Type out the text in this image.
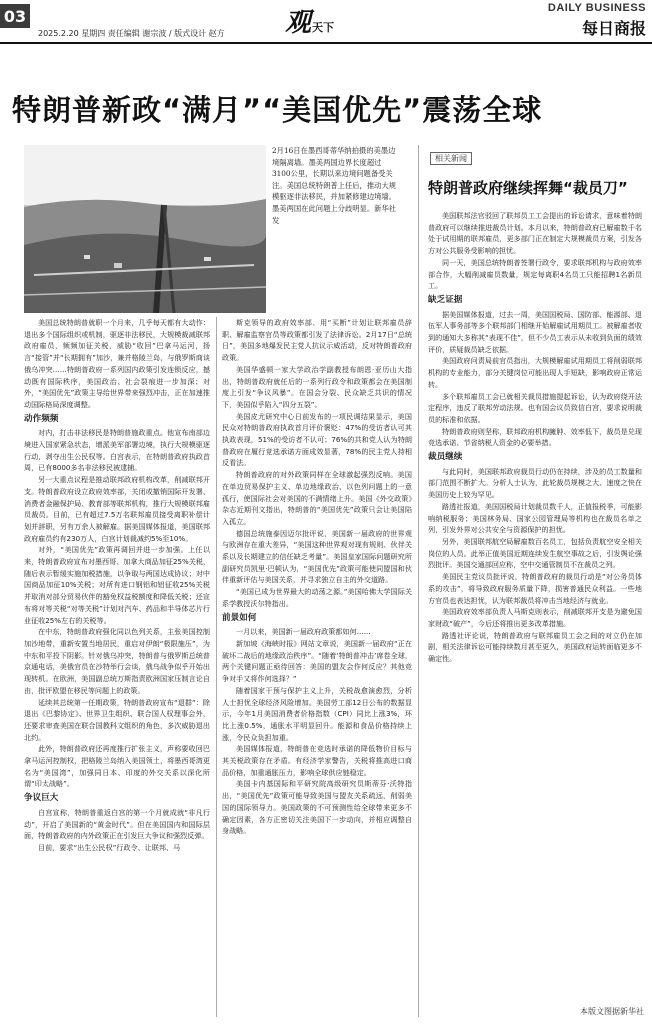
03
2025.2.20 星期四 责任编辑 谢宗波 / 版式设计 赵方 观天下
DAILY BUSINESS
每日商报
特朗普新政“满月”“美国优先”震荡全球
2月16日在墨西哥蒂华纳拍摄的美墨边境隔离墙。墨美两国边界长度超过3100公里，长期以来边境问题备受关注。美国总统特朗普上任后，推动大规模驱逐非法移民，并加紧修建边境墙。墨美两国在此问题上分歧明显。新华社发

美国总统特朗普就职一个月来，几乎每天都有大动作：退出多个国际组织或机制，驱逐非法移民，大规模裁减联邦政府雇员，频频加征关税，威胁“收回”巴拿马运河，扬言“接管”并“长期拥有”加沙，兼并格陵兰岛，与俄罗斯商谈俄乌冲突……特朗普政府一系列国内政策引发连锁反应，撼动既有国际秩序，美国政治、社会裂痕进一步加深；对外，“美国优先”政策主导给世界带来强烈冲击，正在加速推动国际格局深度调整。

动作频频

对内，打击非法移民是特朗普施政重点。他宣布南部边境进入国家紧急状态，增派美军部署边境，执行大规模驱逐行动，剥夺出生公民权等。白宫表示，在特朗普政府执政首周，已有8000多名非法移民被逮捕。

另一大重点议程是推动联邦政府机构改革，削减联邦开支。特朗普政府设立政府效率部，关闭或撤销国际开发署、消费者金融保护局、教育部等联邦机构，推行大规模联邦雇员裁员。目前，已有超过7.5万名联邦雇员接受离职补偿计划并辞职，另有万余人被解雇。据美国媒体报道，美国联邦政府雇员约有230万人，白宫计划裁减约5%至10%。

对外，“美国优先”政策再调回并进一步加强。上任以来，特朗普政府宣布对墨西哥、加拿大商品加征25%关税，随后表示暂缓实施加税措施，以争取与两国达成协议；对中国商品加征10%关税；对所有进口钢铝和铝征收25%关税并取消对部分贸易伙伴的豁免权益税额度和降低关税；还宣布将对等关税“对等关税”计划对汽车、药品和半导体芯片行业征收25%左右的关税等。

在中东，特朗普政府强化同以色列关系，主张美国控制加沙地带，重新安置当地居民，重启对伊朗“极限施压”，为中东和平投下阴影。针对俄乌冲突，特朗普与俄罗斯总统普京通电话，美俄官员在沙特举行会谈，俄乌战争似乎开始出现转机。在欧洲，美国副总统万斯指责欧洲国家压制言论自由，批评欧盟在移民等问题上的政策。

延续其总统第一任期政策，特朗普政府宣布“退群”：除退出《巴黎协定》、世界卫生组织、联合国人权理事会外，还要求审查美国在联合国教科文组织的角色，多次威胁退出北约。

此外，特朗普政府还再度推行扩张主义，声称要收回巴拿马运河控制权，把格陵兰岛纳入美国领土，将墨西哥湾更名为“美国湾”，加强同日本、印度的外交关系以深化所谓“印太战略”。

争议巨大

白宫宣称，特朗普重返白宫的第一个月就成就“非凡行动”，开启了美国新的“黄金时代”。但在美国国内和国际层面，特朗普政府的内外政策正在引发巨大争议和强烈反弹。

目前，要求“出生公民权”行政令、让联邦、马

斯克领导的政府效率部、用“买断”计划让联邦雇员辞职、解雇监察官员等政策都引发了法律诉讼。2月17日“总统日”，美国多地爆发民主党人抗议示威活动，反对特朗普政府政策。

美国华盛顿一家大学政治学副教授布朗恩·亚历山大指出，特朗普政府就任后的一系列行政令和政策都会在美国制度上引发“争议风暴”。在国会分裂、民众缺乏共识的情况下，美国似乎陷入“四分五裂”。

美国皮尤研究中心日前发布的一项民调结果显示，美国民众对特朗普政府执政首月评价褒贬：47%的受访者认可其执政表现，51%的受访者不认可；76%的共和党人认为特朗普政府在履行竞选承诺方面成效显著，78%的民主党人持相反看法。

特朗普政府的对外政策同样在全球激起强烈反响。美国在单边贸易保护主义、单边地缘政治、以色列问题上的一意孤行，使国际社会对美国的不满情绪上升。美国《外交政策》杂志近期刊文指出，特朗普的“美国优先”政策只会让美国陷入孤立。

德国总统施泰因迈尔批评说，美国新一届政府的世界观与欧洲存在重大差异，“美国这种世界观对现有规则、伙伴关系以及长期建立的信任缺乏考量”。美国皇家国际问题研究所副研究员凯里·巴顿认为，“美国优先”政策可能使同盟国和伙伴重新评估与美国关系，并寻求独立自主的外交道路。

“美国已成为世界最大的动荡之源。”美国哈佛大学国际关系学教授沃尔特指出。

前景如何

一月以来，美国新一届政府政策都如何……

新加坡《海峡时报》网站文章说，美国新一届政府“正在破坏二战后的地缘政治秩序”。“随着‘特朗普冲击’席卷全球，两个关键问题正亟待回答：美国的盟友会作何反应？其他竞争对手又将作何选择？”

随着国家干预与保护主义上升，关税战愈演愈烈，分析人士担忧全球经济风险增加。美国劳工部12日公布的数据显示，今年1月美国消费者价格指数（CPI）同比上涨3%，环比上涨0.5%，通胀水平明显回升。能源和食品价格持续上涨，令民众负担加重。

美国媒体报道，特朗普在竞选时承诺的降低物价目标与其关税政策存在矛盾。有经济学家警告，关税将推高进口商品价格，加重通胀压力，影响全球供应链稳定。

美国卡内基国际和平研究院高级研究员斯蒂芬·沃特指出，“美国优先”政策可能导致美国与盟友关系疏远，削弱美国的国际领导力。美国政策的不可预测性给全球带来更多不确定因素，各方正密切关注美国下一步动向，并相应调整自身战略。

相关新闻
特朗普政府继续挥舞“裁员刀”

美国联邦法官驳回了联邦员工工会提出的诉讼请求，意味着特朗普政府可以继续推进裁员计划。本月以来，特朗普政府已解雇数千名处于试用期的联邦雇员，更多部门正在制定大规模裁员方案，引发各方对公共服务受影响的担忧。

同一天，美国总统特朗普签署行政令，要求联邦机构与政府效率部合作，大幅削减雇员数量，规定每离职4名员工只能招聘1名新员工。

缺乏证据

据美国媒体报道，过去一周，美国国税局、国防部、能源部、退伍军人事务部等多个联邦部门相继开始解雇试用期员工。被解雇者收到的通知大多称其“表现不佳”，但不少员工表示从未收到负面的绩效评价，质疑裁员缺乏依据。

美国政府问责局前官员指出，大规模解雇试用期员工将削弱联邦机构的专业能力，部分关键岗位可能出现人手短缺，影响政府正常运转。

多个联邦雇员工会已就相关裁员措施提起诉讼，认为政府绕开法定程序，违反了联邦劳动法规。也有国会议员致信白宫，要求说明裁员的标准和依据。

特朗普政府则坚称，联邦政府机构臃肿、效率低下，裁员是兑现竞选承诺、节省纳税人资金的必要举措。

裁员继续

与此同时，美国联邦政府裁员行动仍在持续，涉及的员工数量和部门范围不断扩大。分析人士认为，此轮裁员规模之大、速度之快在美国历史上较为罕见。

路透社报道，美国国税局计划裁员数千人，正值报税季，可能影响纳税服务；美国林务局、国家公园管理局等机构也在裁员名单之列，引发外界对公共安全与资源保护的担忧。

另外，美国联邦航空局解雇数百名员工，包括负责航空安全相关岗位的人员。此举正值美国近期连续发生航空事故之后，引发舆论强烈批评。美国交通部回应称，空中交通管制员不在裁员之列。

美国民主党议员批评说，特朗普政府的裁员行动是“对公务员体系的攻击”，将导致政府服务质量下降，损害普通民众利益。一些地方官员也表达担忧，认为联邦裁员将冲击当地经济与就业。

美国政府效率部负责人马斯克则表示，削减联邦开支是为避免国家财政“破产”，今后还将推出更多改革措施。

路透社评论说，特朗普政府与联邦雇员工会之间的对立仍在加剧，相关法律诉讼可能持续数月甚至更久，美国政府运转面临更多不确定性。

本版文图据新华社
